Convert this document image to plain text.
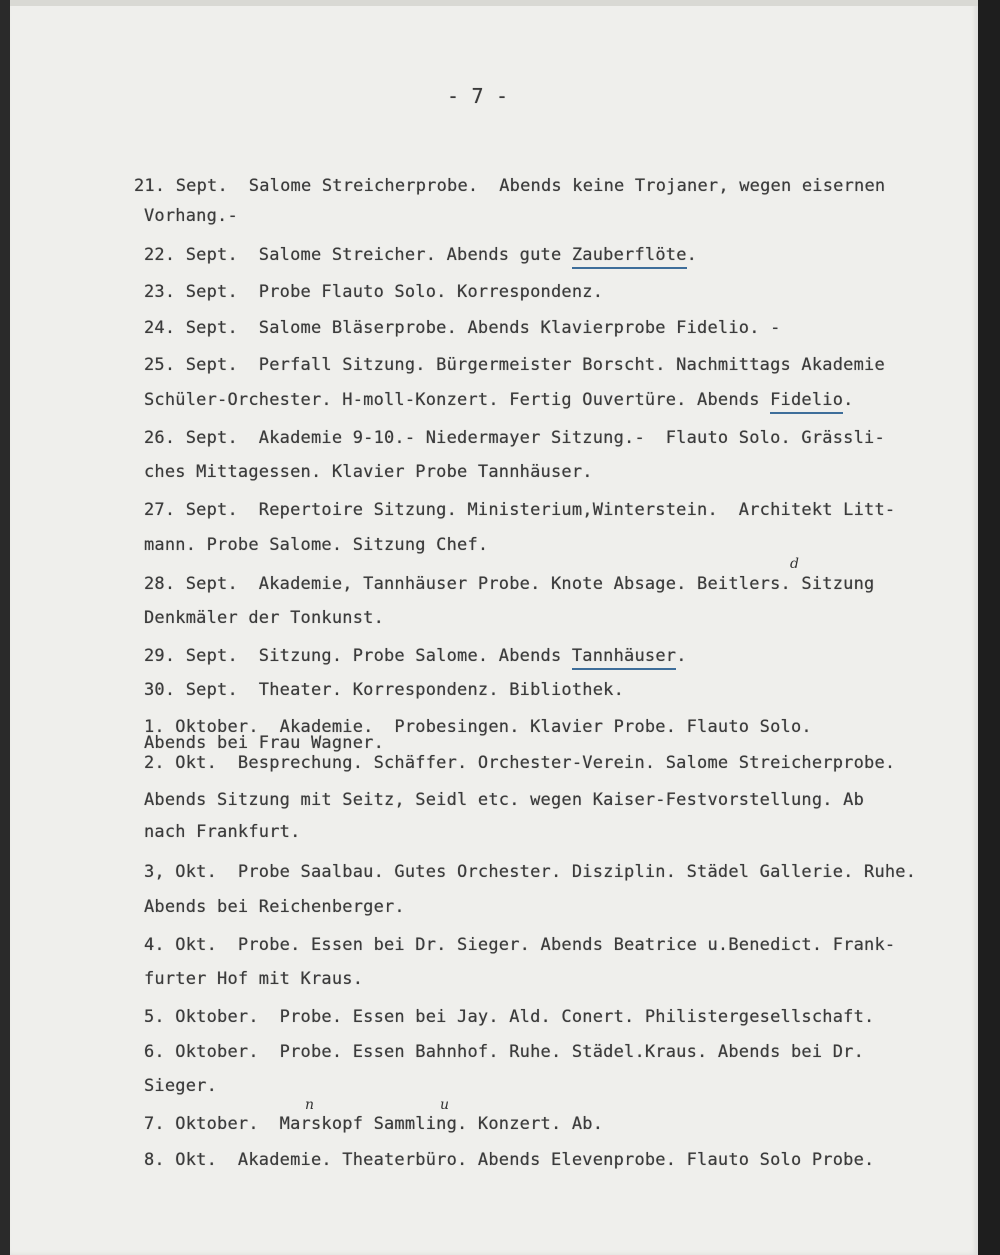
- 7 -
21. Sept.  Salome Streicherprobe.  Abends keine Trojaner, wegen eisernen
Vorhang.-
22. Sept.  Salome Streicher. Abends gute Zauberflöte.
23. Sept.  Probe Flauto Solo. Korrespondenz.
24. Sept.  Salome Bläserprobe. Abends Klavierprobe Fidelio. -
25. Sept.  Perfall Sitzung. Bürgermeister Borscht. Nachmittags Akademie
Schüler-Orchester. H-moll-Konzert. Fertig Ouvertüre. Abends Fidelio.
26. Sept.  Akademie 9-10.- Niedermayer Sitzung.-  Flauto Solo. Grässli-
ches Mittagessen. Klavier Probe Tannhäuser.
27. Sept.  Repertoire Sitzung. Ministerium,Winterstein.  Architekt Litt-
mann. Probe Salome. Sitzung Chef.
d
28. Sept.  Akademie, Tannhäuser Probe. Knote Absage. Beitlers. Sitzung
Denkmäler der Tonkunst.
29. Sept.  Sitzung. Probe Salome. Abends Tannhäuser.
30. Sept.  Theater. Korrespondenz. Bibliothek.
1. Oktober.  Akademie.  Probesingen. Klavier Probe. Flauto Solo.
Abends bei Frau Wagner.
2. Okt.  Besprechung. Schäffer. Orchester-Verein. Salome Streicherprobe.
Abends Sitzung mit Seitz, Seidl etc. wegen Kaiser-Festvorstellung. Ab
nach Frankfurt.
3, Okt.  Probe Saalbau. Gutes Orchester. Disziplin. Städel Gallerie. Ruhe.
Abends bei Reichenberger.
4. Okt.  Probe. Essen bei Dr. Sieger. Abends Beatrice u.Benedict. Frank-
furter Hof mit Kraus.
5. Oktober.  Probe. Essen bei Jay. Ald. Conert. Philistergesellschaft.
6. Oktober.  Probe. Essen Bahnhof. Ruhe. Städel.Kraus. Abends bei Dr.
Sieger.
n	u
7. Oktober.  Marskopf Sammling. Konzert. Ab.
8. Okt.  Akademie. Theaterbüro. Abends Elevenprobe. Flauto Solo Probe.
